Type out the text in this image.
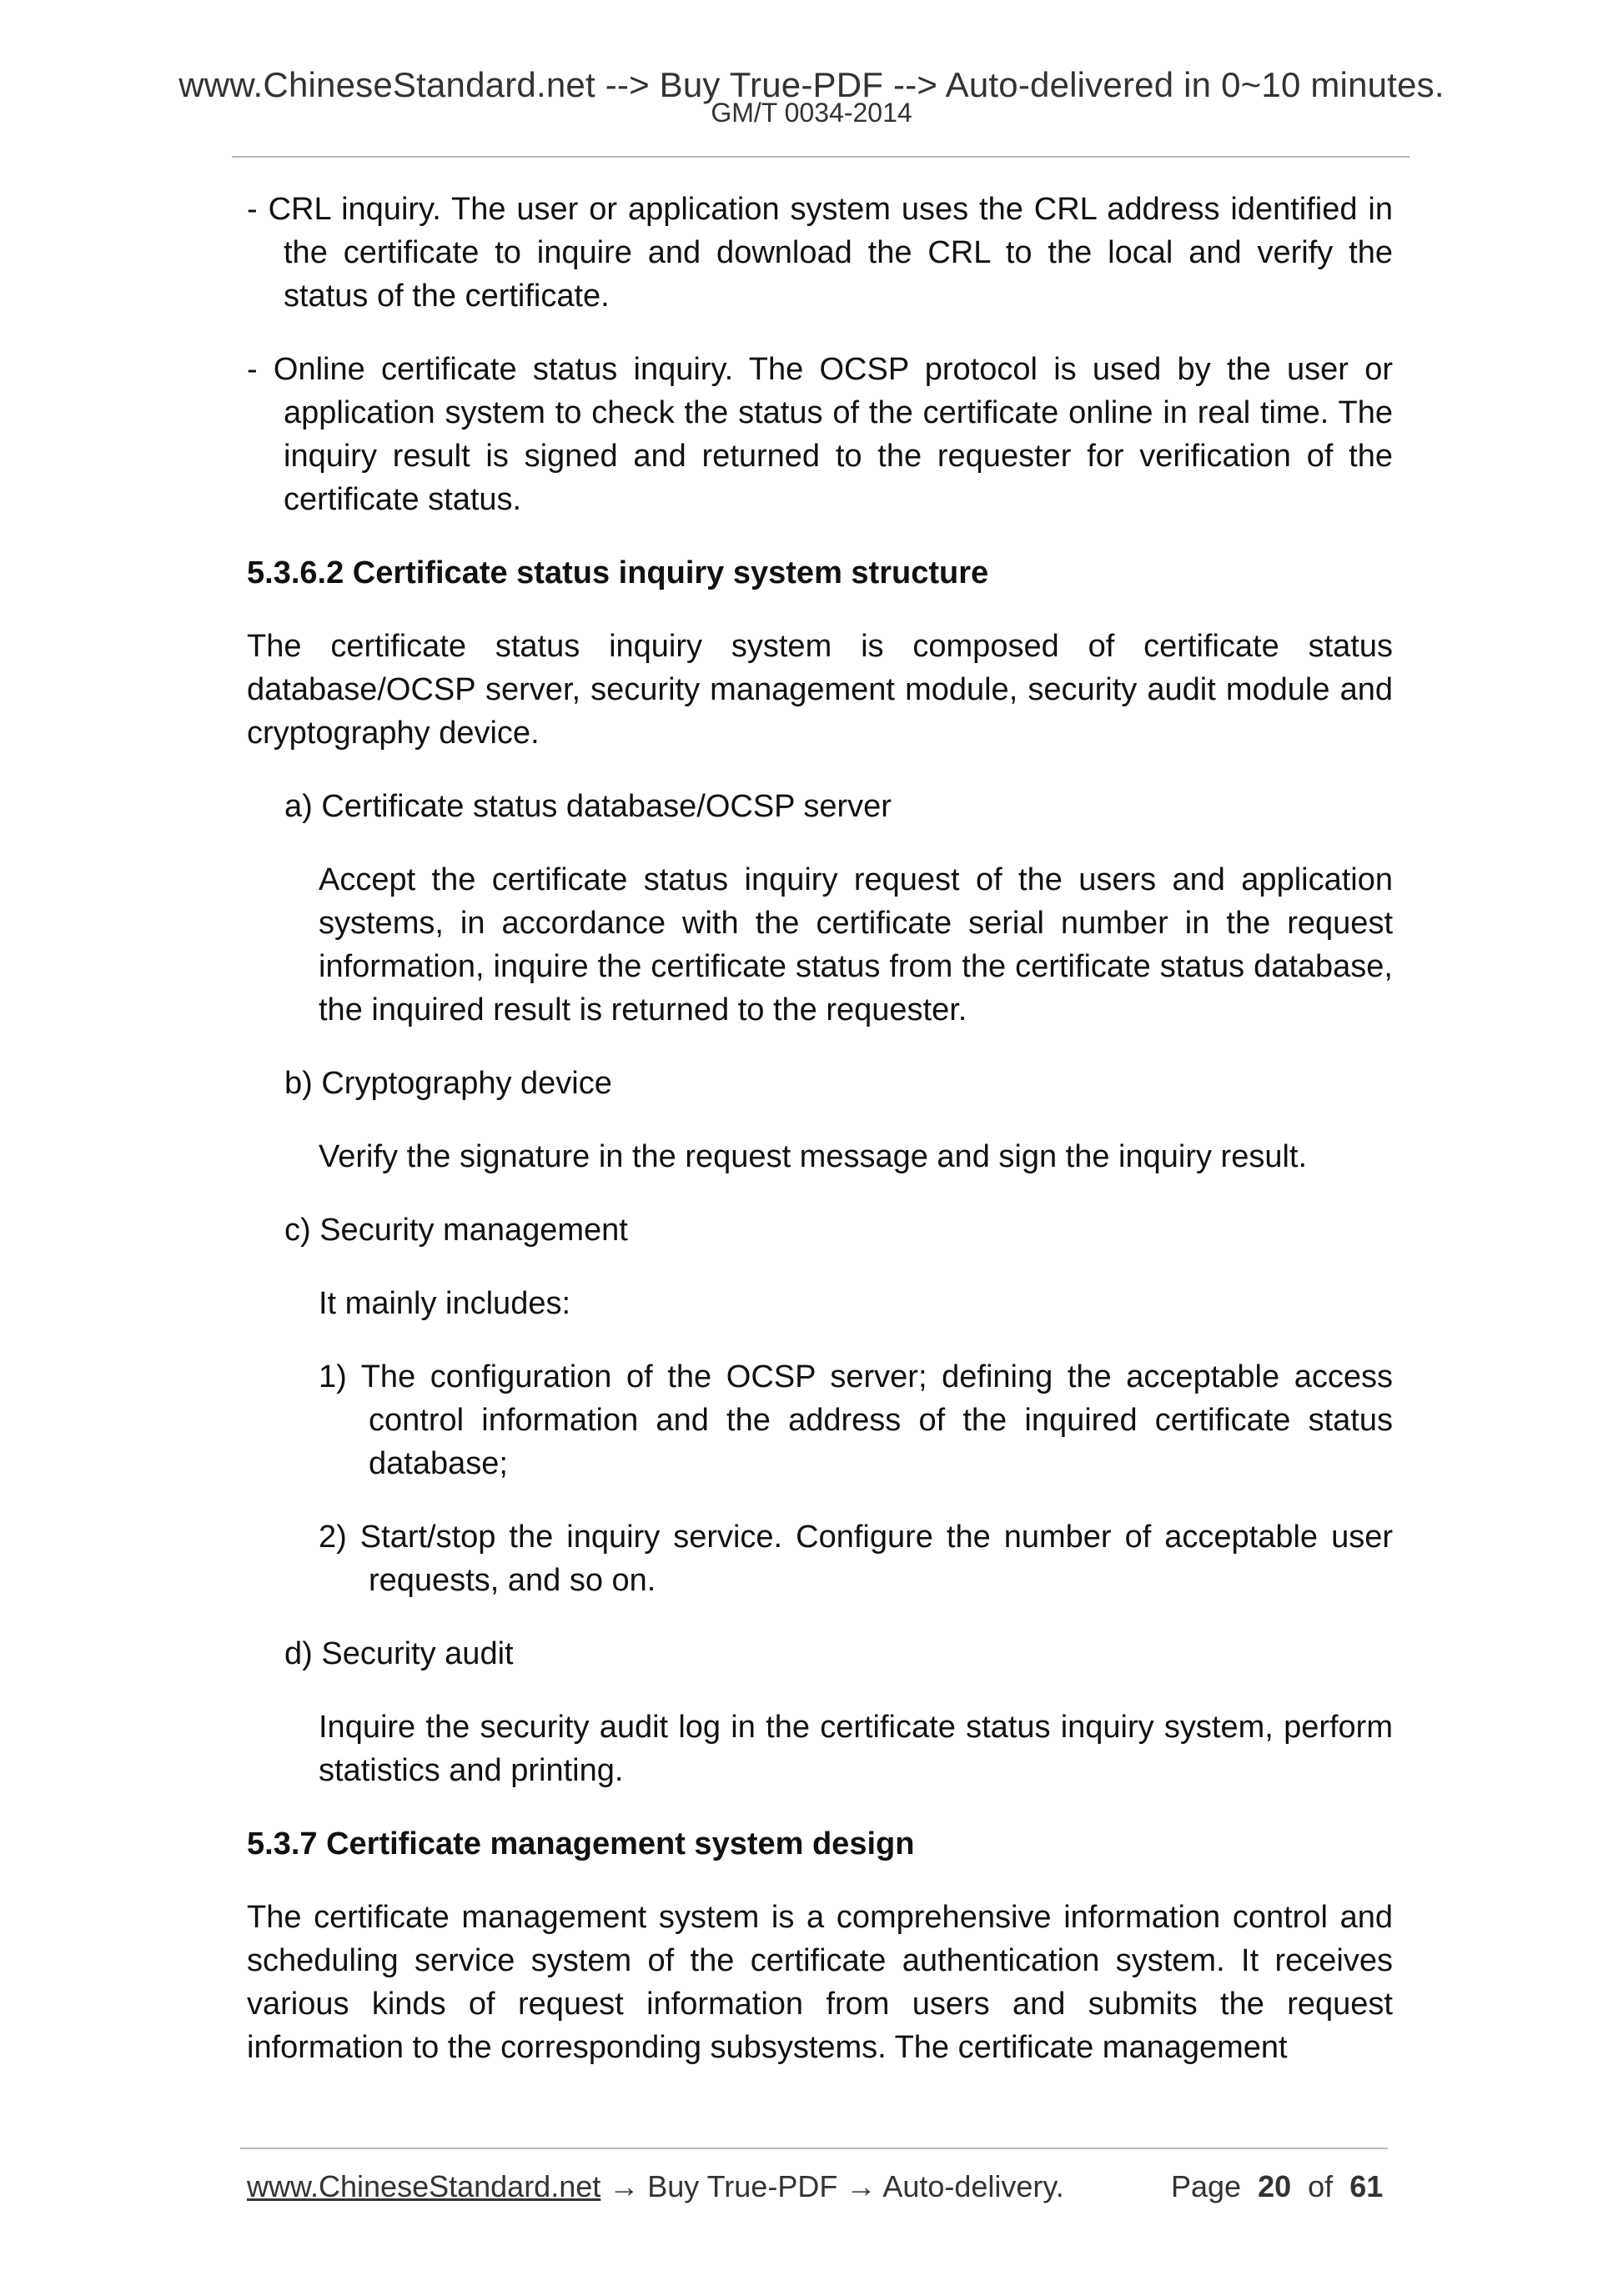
www.ChineseStandard.net --> Buy True-PDF --> Auto-delivered in 0~10 minutes.
GM/T 0034-2014

- CRL inquiry. The user or application system uses the CRL address identified in the certificate to inquire and download the CRL to the local and verify the status of the certificate.

- Online certificate status inquiry. The OCSP protocol is used by the user or application system to check the status of the certificate online in real time. The inquiry result is signed and returned to the requester for verification of the certificate status.

5.3.6.2 Certificate status inquiry system structure

The certificate status inquiry system is composed of certificate status database/OCSP server, security management module, security audit module and cryptography device.

a) Certificate status database/OCSP server

Accept the certificate status inquiry request of the users and application systems, in accordance with the certificate serial number in the request information, inquire the certificate status from the certificate status database, the inquired result is returned to the requester.

b) Cryptography device

Verify the signature in the request message and sign the inquiry result.

c) Security management

It mainly includes:

1) The configuration of the OCSP server; defining the acceptable access control information and the address of the inquired certificate status database;

2) Start/stop the inquiry service. Configure the number of acceptable user requests, and so on.

d) Security audit

Inquire the security audit log in the certificate status inquiry system, perform statistics and printing.

5.3.7 Certificate management system design

The certificate management system is a comprehensive information control and scheduling service system of the certificate authentication system. It receives various kinds of request information from users and submits the request information to the corresponding subsystems. The certificate management

www.ChineseStandard.net → Buy True-PDF → Auto-delivery.	Page 20 of 61
